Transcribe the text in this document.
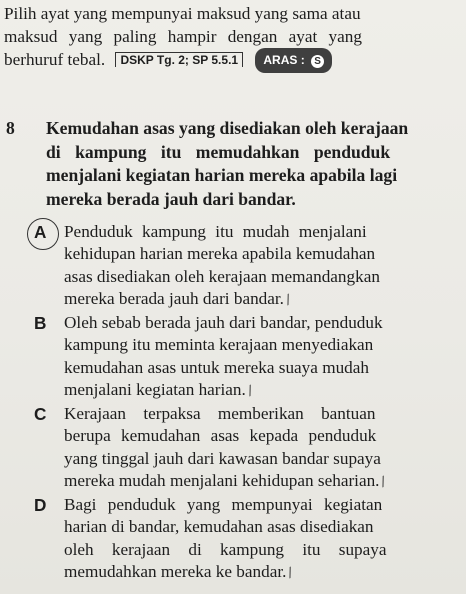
Pilih ayat yang mempunyai maksud yang sama atau
maksud yang paling hampir dengan ayat yang
berhuruf tebal. DSKP Tg. 2; SP 5.5.1 ARAS : S
8 Kemudahan asas yang disediakan oleh kerajaan
di kampung itu memudahkan penduduk
menjalani kegiatan harian mereka apabila lagi
mereka berada jauh dari bandar.
A	Penduduk kampung itu mudah menjalani
kehidupan harian mereka apabila kemudahan
asas disediakan oleh kerajaan memandangkan
mereka berada jauh dari bandar.⁄
B	Oleh sebab berada jauh dari bandar, penduduk
kampung itu meminta kerajaan menyediakan
kemudahan asas untuk mereka suaya mudah
menjalani kegiatan harian.⁄
C	Kerajaan terpaksa memberikan bantuan
berupa kemudahan asas kepada penduduk
yang tinggal jauh dari kawasan bandar supaya
mereka mudah menjalani kehidupan seharian.⁄
D	Bagi penduduk yang mempunyai kegiatan
harian di bandar, kemudahan asas disediakan
oleh kerajaan di kampung itu supaya
memudahkan mereka ke bandar.⁄
